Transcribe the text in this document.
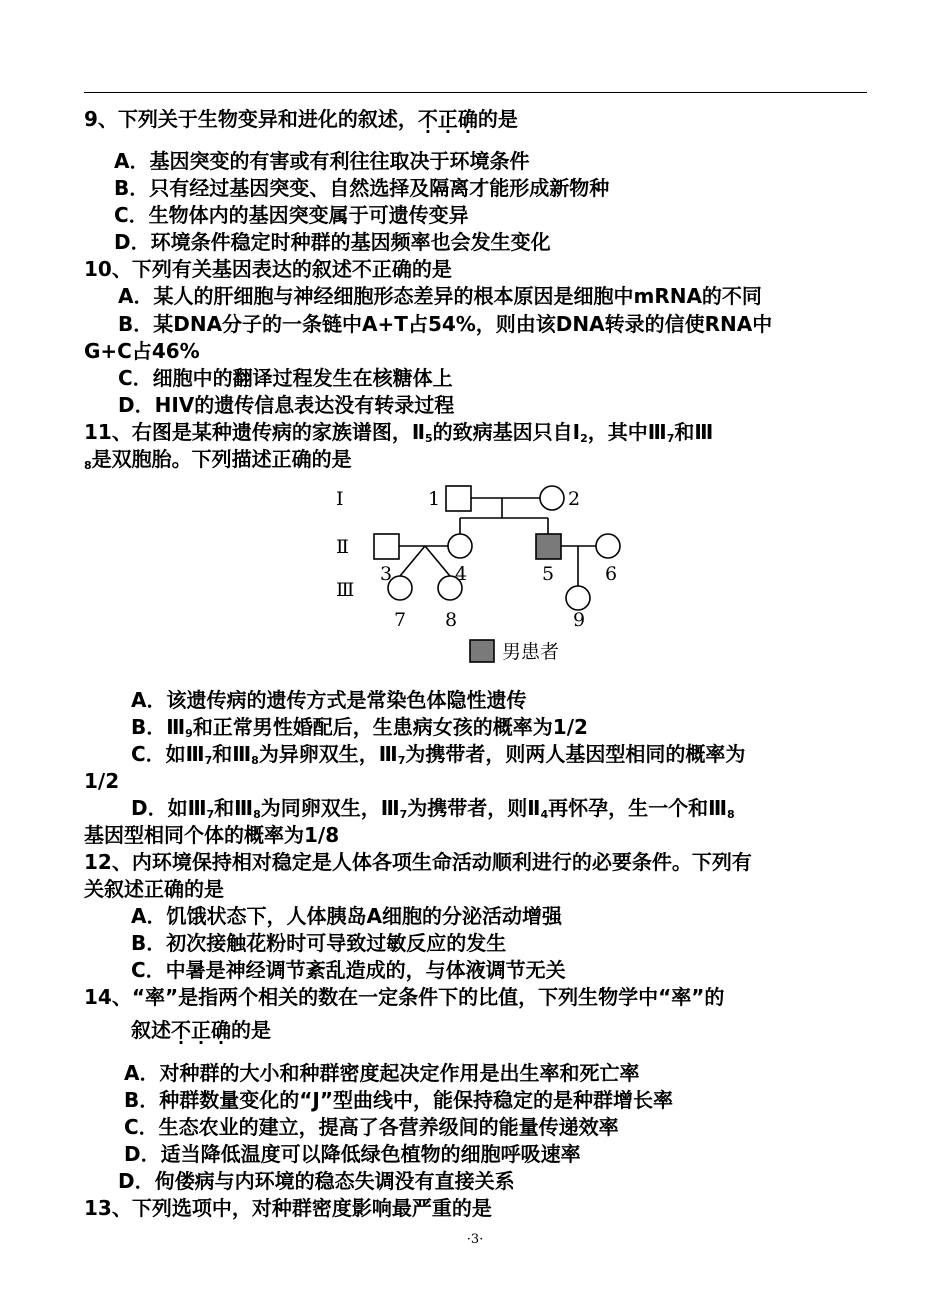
9、下列关于生物变异和进化的叙述，不正确的是
A．基因突变的有害或有利往往取决于环境条件
B．只有经过基因突变、自然选择及隔离才能形成新物种
C．生物体内的基因突变属于可遗传变异
D．环境条件稳定时种群的基因频率也会发生变化
10、下列有关基因表达的叙述不正确的是
A．某人的肝细胞与神经细胞形态差异的根本原因是细胞中mRNA的不同
B．某DNA分子的一条链中A+T占54%，则由该DNA转录的信使RNA中
G+C占46%
C．细胞中的翻译过程发生在核糖体上
D．HIV的遗传信息表达没有转录过程
11、右图是某种遗传病的家族谱图，$Ⅱ_5$的致病基因只自$Ⅰ_2$，其中$Ⅲ_7$和Ⅲ
$_8$是双胞胎。下列描述正确的是
Ⅰ
Ⅱ
Ⅲ
1	2
3	4	5	6
7 8	9
男患者
A．该遗传病的遗传方式是常染色体隐性遗传
B．$Ⅲ_9$和正常男性婚配后，生患病女孩的概率为1/2
C．如$Ⅲ_7$和$Ⅲ_8$为异卵双生，$Ⅲ_7$为携带者，则两人基因型相同的概率为
1/2
D．如$Ⅲ_7$和$Ⅲ_8$为同卵双生，$Ⅲ_7$为携带者，则$Ⅱ_4$再怀孕，生一个和$Ⅲ_8$
基因型相同个体的概率为1/8
12、内环境保持相对稳定是人体各项生命活动顺利进行的必要条件。下列有
关叙述正确的是
A．饥饿状态下，人体胰岛A细胞的分泌活动增强
B．初次接触花粉时可导致过敏反应的发生
C．中暑是神经调节紊乱造成的，与体液调节无关
14、“率”是指两个相关的数在一定条件下的比值，下列生物学中“率”的
叙述不正确的是
A．对种群的大小和种群密度起决定作用是出生率和死亡率
B．种群数量变化的“J”型曲线中，能保持稳定的是种群增长率
C．生态农业的建立，提高了各营养级间的能量传递效率
D．适当降低温度可以降低绿色植物的细胞呼吸速率
D．佝偻病与内环境的稳态失调没有直接关系
13、下列选项中，对种群密度影响最严重的是
·3·
